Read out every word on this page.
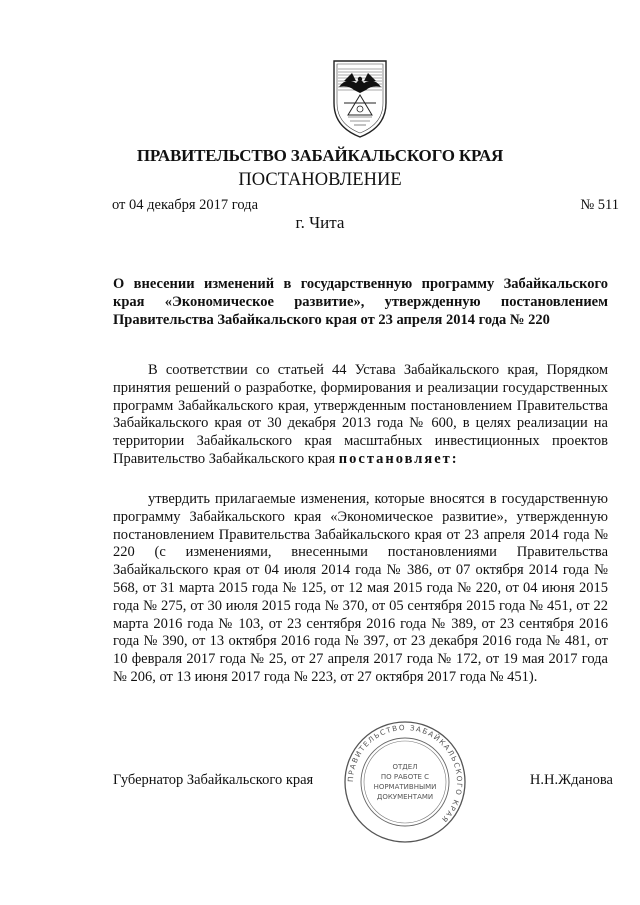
ПРАВИТЕЛЬСТВО ЗАБАЙКАЛЬСКОГО КРАЯ
ПОСТАНОВЛЕНИЕ
от 04 декабря 2017 года	№ 511
г. Чита
О внесении изменений в государственную программу Забайкальского края «Экономическое развитие», утвержденную постановлением Правительства Забайкальского края от 23 апреля 2014 года № 220
В соответствии со статьей 44 Устава Забайкальского края, Порядком принятия решений о разработке, формирования и реализации государственных программ Забайкальского края, утвержденным постановлением Правительства Забайкальского края от 30 декабря 2013 года № 600, в целях реализации на территории Забайкальского края масштабных инвестиционных проектов Правительство Забайкальского края постановляет:
утвердить прилагаемые изменения, которые вносятся в государственную программу Забайкальского края «Экономическое развитие», утвержденную постановлением Правительства Забайкальского края от 23 апреля 2014 года № 220 (с изменениями, внесенными постановлениями Правительства Забайкальского края от 04 июля 2014 года № 386, от 07 октября 2014 года № 568, от 31 марта 2015 года № 125, от 12 мая 2015 года № 220, от 04 июня 2015 года № 275, от 30 июля 2015 года № 370, от 05 сентября 2015 года № 451, от 22 марта 2016 года № 103, от 23 сентября 2016 года № 389, от 23 сентября 2016 года № 390, от 13 октября 2016 года № 397, от 23 декабря 2016 года № 481, от 10 февраля 2017 года № 25, от 27 апреля 2017 года № 172, от 19 мая 2017 года № 206, от 13 июня 2017 года № 223, от 27 октября 2017 года № 451).
ПРАВИТЕЛЬСТВО ЗАБАЙКАЛЬСКОГО КРАЯ
ОТДЕЛ
ПО РАБОТЕ С
НОРМАТИВНЫМИ
ДОКУМЕНТАМИ
Губернатор Забайкальского края	Н.Н.Жданова
